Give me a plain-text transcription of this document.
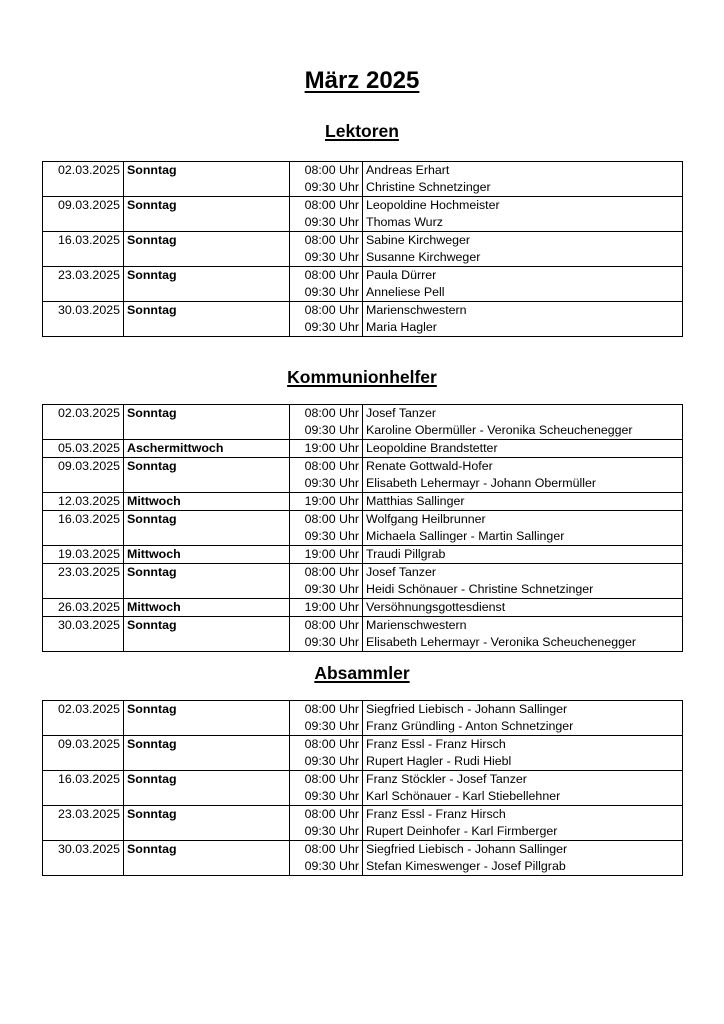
März 2025
Lektoren
02.03.2025	Sonntag	08:00 Uhr	Andreas Erhart
		09:30 Uhr	Christine Schnetzinger
09.03.2025	Sonntag	08:00 Uhr	Leopoldine Hochmeister
		09:30 Uhr	Thomas Wurz
16.03.2025	Sonntag	08:00 Uhr	Sabine Kirchweger
		09:30 Uhr	Susanne Kirchweger
23.03.2025	Sonntag	08:00 Uhr	Paula Dürrer
		09:30 Uhr	Anneliese Pell
30.03.2025	Sonntag	08:00 Uhr	Marienschwestern
		09:30 Uhr	Maria Hagler
Kommunionhelfer
02.03.2025	Sonntag	08:00 Uhr	Josef Tanzer
		09:30 Uhr	Karoline Obermüller - Veronika Scheuchenegger
05.03.2025	Aschermittwoch	19:00 Uhr	Leopoldine Brandstetter
09.03.2025	Sonntag	08:00 Uhr	Renate Gottwald-Hofer
		09:30 Uhr	Elisabeth Lehermayr - Johann Obermüller
12.03.2025	Mittwoch	19:00 Uhr	Matthias Sallinger
16.03.2025	Sonntag	08:00 Uhr	Wolfgang Heilbrunner
		09:30 Uhr	Michaela Sallinger - Martin Sallinger
19.03.2025	Mittwoch	19:00 Uhr	Traudi Pillgrab
23.03.2025	Sonntag	08:00 Uhr	Josef Tanzer
		09:30 Uhr	Heidi Schönauer - Christine Schnetzinger
26.03.2025	Mittwoch	19:00 Uhr	Versöhnungsgottesdienst
30.03.2025	Sonntag	08:00 Uhr	Marienschwestern
		09:30 Uhr	Elisabeth Lehermayr - Veronika Scheuchenegger
Absammler
02.03.2025	Sonntag	08:00 Uhr	Siegfried Liebisch - Johann Sallinger
		09:30 Uhr	Franz Gründling - Anton Schnetzinger
09.03.2025	Sonntag	08:00 Uhr	Franz Essl - Franz Hirsch
		09:30 Uhr	Rupert Hagler - Rudi Hiebl
16.03.2025	Sonntag	08:00 Uhr	Franz Stöckler - Josef Tanzer
		09:30 Uhr	Karl Schönauer - Karl Stiebellehner
23.03.2025	Sonntag	08:00 Uhr	Franz Essl - Franz Hirsch
		09:30 Uhr	Rupert Deinhofer - Karl Firmberger
30.03.2025	Sonntag	08:00 Uhr	Siegfried Liebisch - Johann Sallinger
		09:30 Uhr	Stefan Kimeswenger - Josef Pillgrab
